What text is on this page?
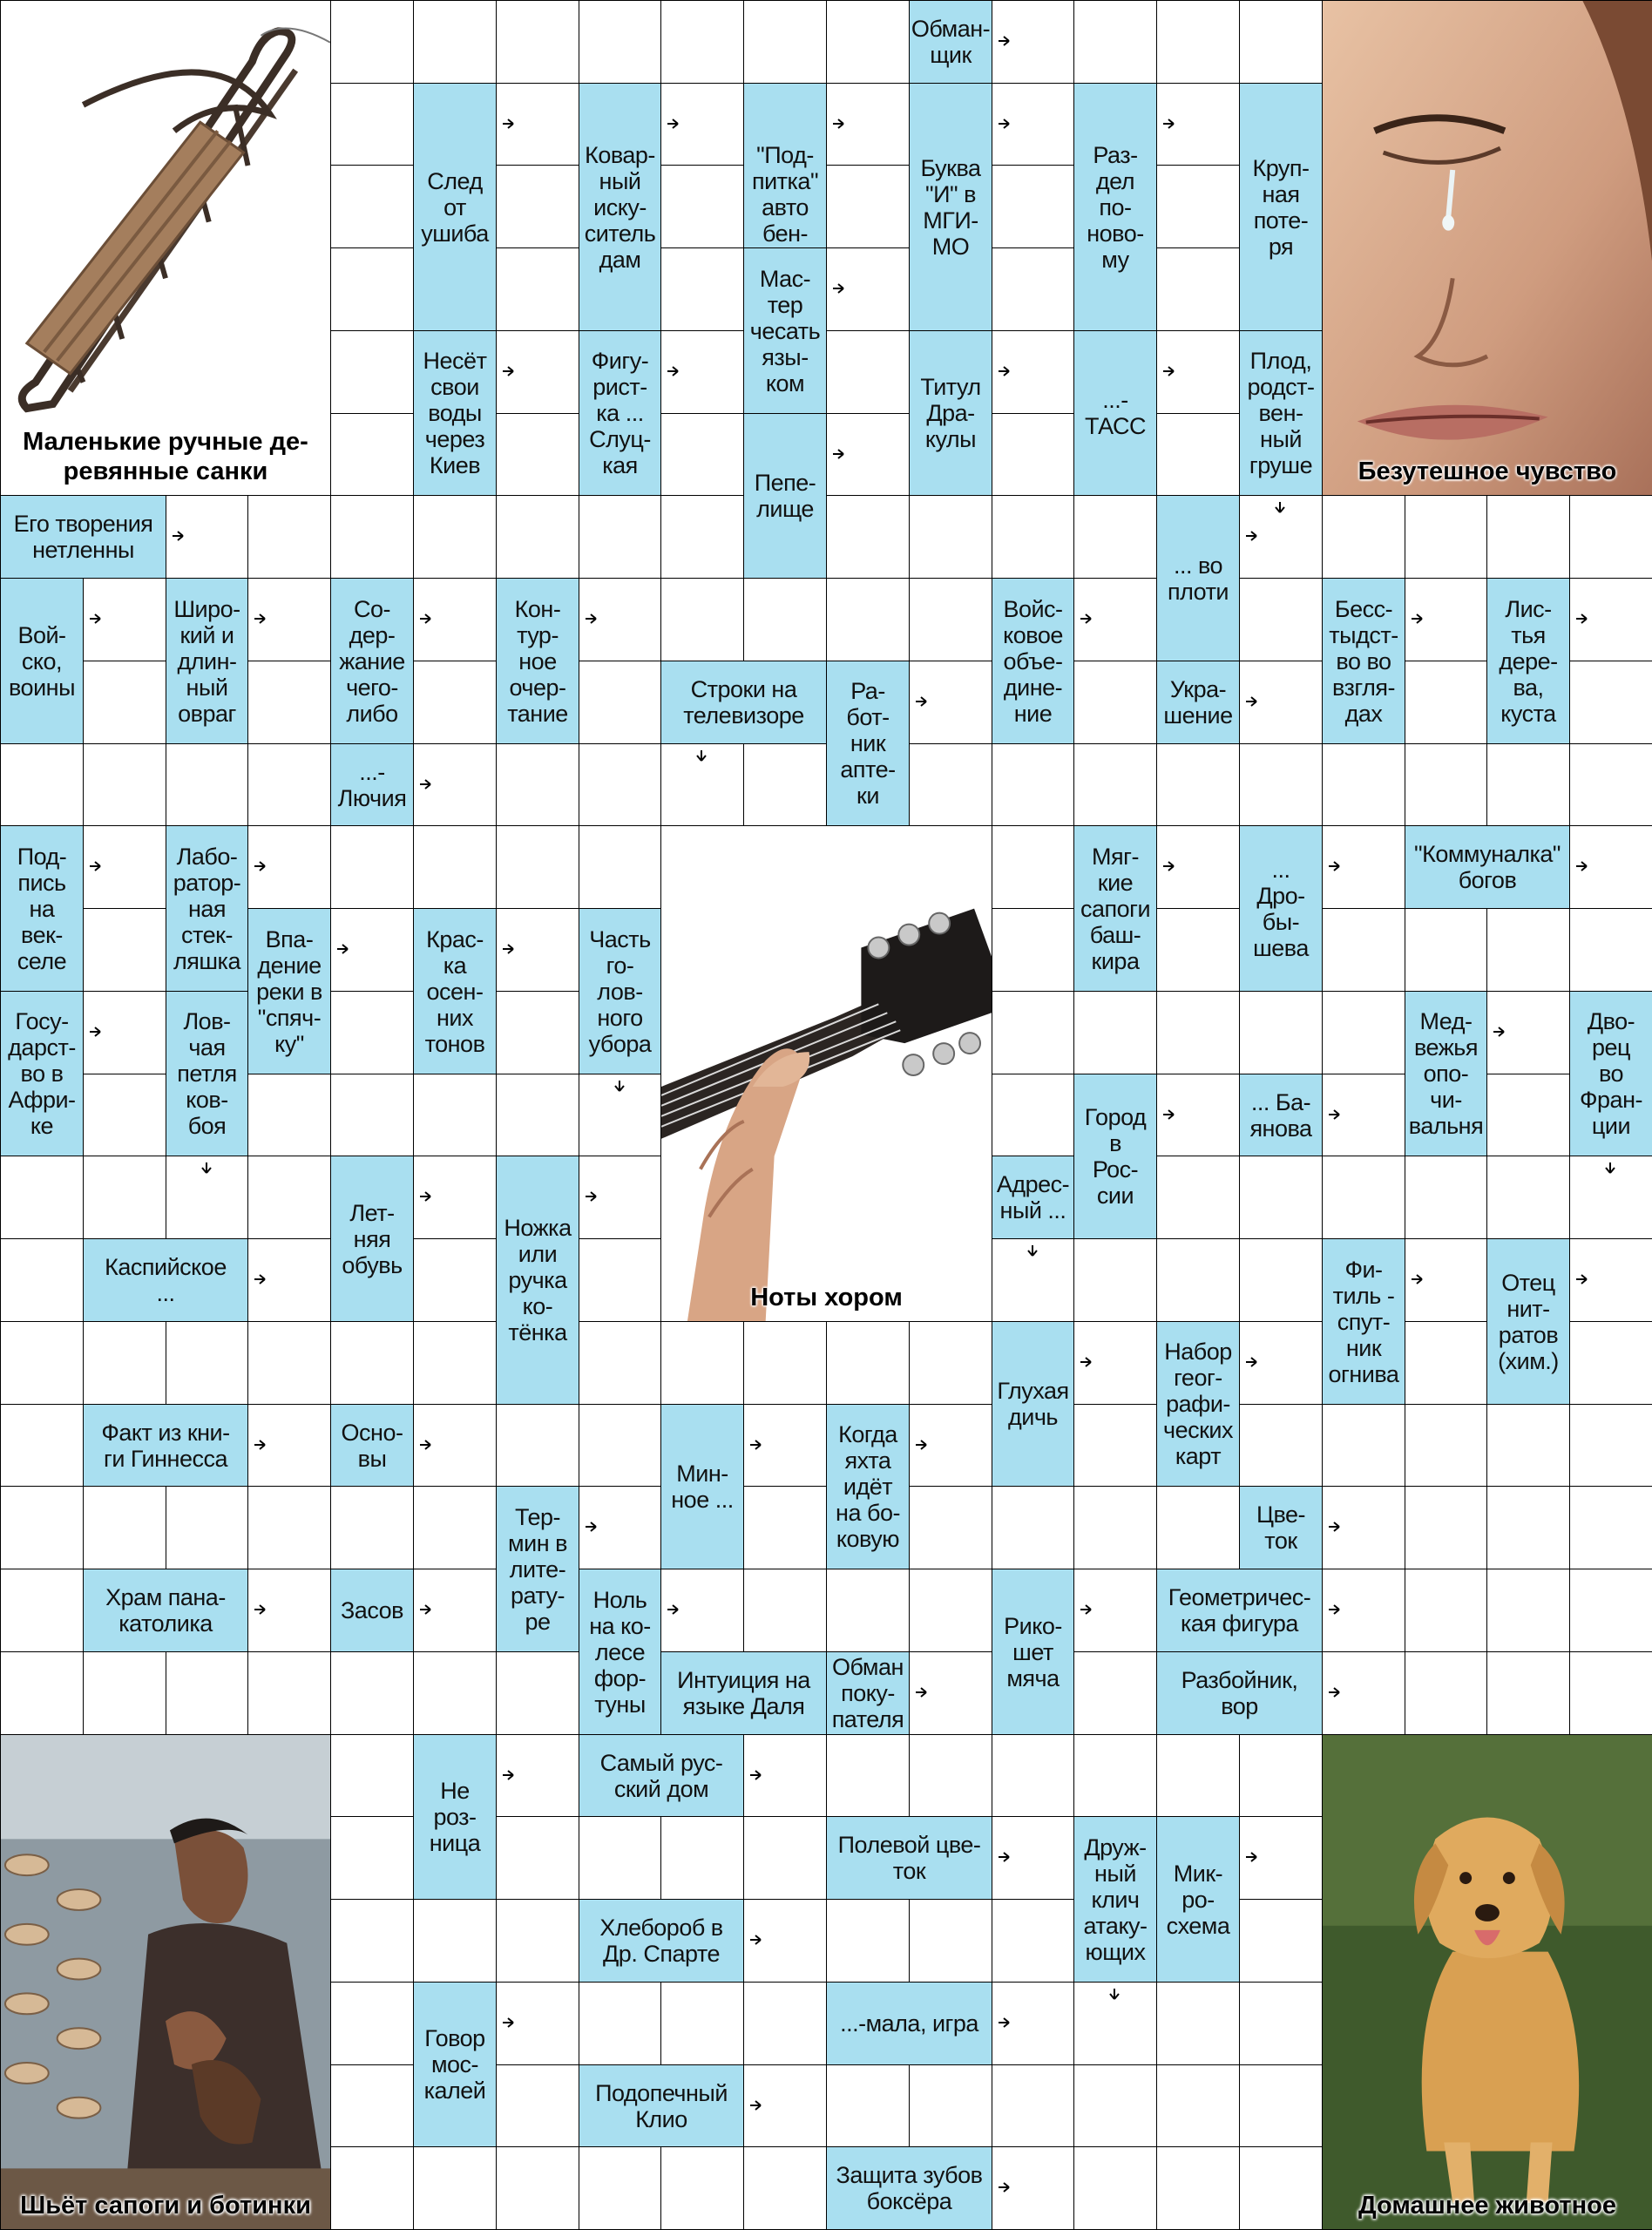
Обман-
щик
След
от
ушиба
Ковар-
ный
иску-
ситель
дам
"Под-
питка"
авто
бен-

Буква
"И" в
МГИ-
МО
Раз-
дел
по-
ново-
му
Круп-
ная
поте-
ря
Мас-
тер
чесать
язы-
ком
Несёт
свои
воды
через
Киев
Фигу-
рист-
ка ...
Слуц-
кая
Титул
Дра-
кулы
...-
ТАСС
Плод,
родст-
вен-
ный
груше
Пепе-
лище
Его творения
нетленны
... во
плоти
Вой-
ско,
воины
Широ-
кий и
длин-
ный
овраг
Со-
дер-
жание
чего-
либо
Кон-
тур-
ное
очер-
тание
Войс-
ковое
объе-
дине-
ние
Бесс-
тыдст-
во во
взгля-
дах
Лис-
тья
дере-
ва,
куста
Строки на
телевизоре
Ра-
бот-
ник
апте-
ки
Укра-
шение
...-
Лючия
Под-
пись
на
век-
селе
Лабо-
ратор-
ная
стек-
ляшка
Мяг-
кие
сапоги
баш-
кира
...
Дро-
бы-
шева
"Коммуналка"
богов
Впа-
дение
реки в
"спяч-
ку"
Крас-
ка
осен-
них
тонов
Часть
го-
лов-
ного
убора
Госу-
дарст-
во в
Афри-
ке
Лов-
чая
петля
ков-
боя
Мед-
вежья
опо-
чи-
вальня
Дво-
рец
во
Фран-
ции
Город
в
Рос-
сии
... Ба-
янова
Лет-
няя
обувь
Ножка
или
ручка
ко-
тёнка
Адрес-
ный ...
Каспийское
...
Фи-
тиль -
спут-
ник
огнива
Отец
нит-
ратов
(хим.)
Глухая
дичь
Набор
геог-
рафи-
ческих
карт
Факт из кни-
ги Гиннесса
Осно-
вы
Мин-
ное ...
Когда
яхта
идёт
на бо-
ковую
Тер-
мин в
лите-
рату-
ре
Цве-
ток
Храм пана-
католика	Засов	Ноль
на ко-
лесе
фор-
туны
Рико-
шет
мяча
Геометричес-
кая фигура
Интуиция на
языке Даля
Обман
поку-
пателя
Разбойник,
вор
Не
роз-
ница
Самый рус-
ский дом
Полевой цве-
ток
Друж-
ный
клич
атаку-
ющих
Мик-
ро-
схема
Хлебороб в
Др. Спарте
Говор
мос-
калей
...-мала, игра
Подопечный
Клио
Защита зубов
боксёра
Маленькие ручные де-
ревянные санки	Безутешное чувство
Ноты хором
Шьёт сапоги и ботинки	Домашнее животное
